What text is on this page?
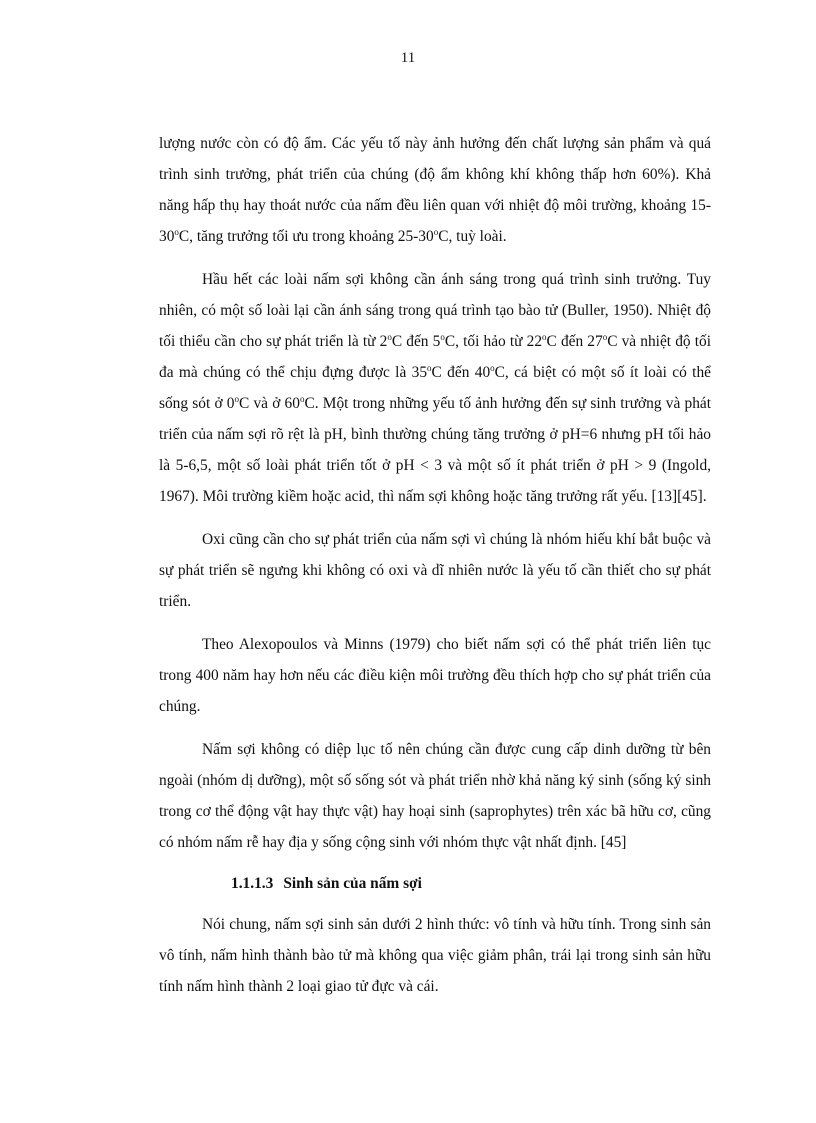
11

lượng nước còn có độ ẩm. Các yếu tố này ảnh hưởng đến chất lượng sản phẩm và quá trình sinh trưởng, phát triển của chúng (độ ẩm không khí không thấp hơn 60%). Khả năng hấp thụ hay thoát nước của nấm đều liên quan với nhiệt độ môi trường, khoảng 15-30$^o$C, tăng trưởng tối ưu trong khoảng 25-30$^o$C, tuỳ loài.

Hầu hết các loài nấm sợi không cần ánh sáng trong quá trình sinh trưởng. Tuy nhiên, có một số loài lại cần ánh sáng trong quá trình tạo bào tử (Buller, 1950). Nhiệt độ tối thiểu cần cho sự phát triển là từ 2$^o$C đến 5$^o$C, tối hảo từ 22$^o$C đến 27$^o$C và nhiệt độ tối đa mà chúng có thể chịu đựng được là 35$^o$C đến 40$^o$C, cá biệt có một số ít loài có thể sống sót ở 0$^o$C và ở 60$^o$C. Một trong những yếu tố ảnh hưởng đến sự sinh trưởng và phát triển của nấm sợi rõ rệt là pH, bình thường chúng tăng trưởng ở pH=6 nhưng pH tối hảo là 5-6,5, một số loài phát triển tốt ở pH < 3 và một số ít phát triển ở pH > 9 (Ingold, 1967). Môi trường kiềm hoặc acid, thì nấm sợi không hoặc tăng trưởng rất yếu. [13][45].

Oxi cũng cần cho sự phát triển của nấm sợi vì chúng là nhóm hiếu khí bắt buộc và sự phát triển sẽ ngưng khi không có oxi và dĩ nhiên nước là yếu tố cần thiết cho sự phát triển.

Theo Alexopoulos và Minns (1979) cho biết nấm sợi có thể phát triển liên tục trong 400 năm hay hơn nếu các điều kiện môi trường đều thích hợp cho sự phát triển của chúng.

Nấm sợi không có diệp lục tố nên chúng cần được cung cấp dinh dưỡng từ bên ngoài (nhóm dị dưỡng), một số sống sót và phát triển nhờ khả năng ký sinh (sống ký sinh trong cơ thể động vật hay thực vật) hay hoại sinh (saprophytes) trên xác bã hữu cơ, cũng có nhóm nấm rễ hay địa y sống cộng sinh với nhóm thực vật nhất định. [45]

1.1.1.3 Sinh sản của nấm sợi

Nói chung, nấm sợi sinh sản dưới 2 hình thức: vô tính và hữu tính. Trong sinh sản vô tính, nấm hình thành bào tử mà không qua việc giảm phân, trái lại trong sinh sản hữu tính nấm hình thành 2 loại giao tử đực và cái.
